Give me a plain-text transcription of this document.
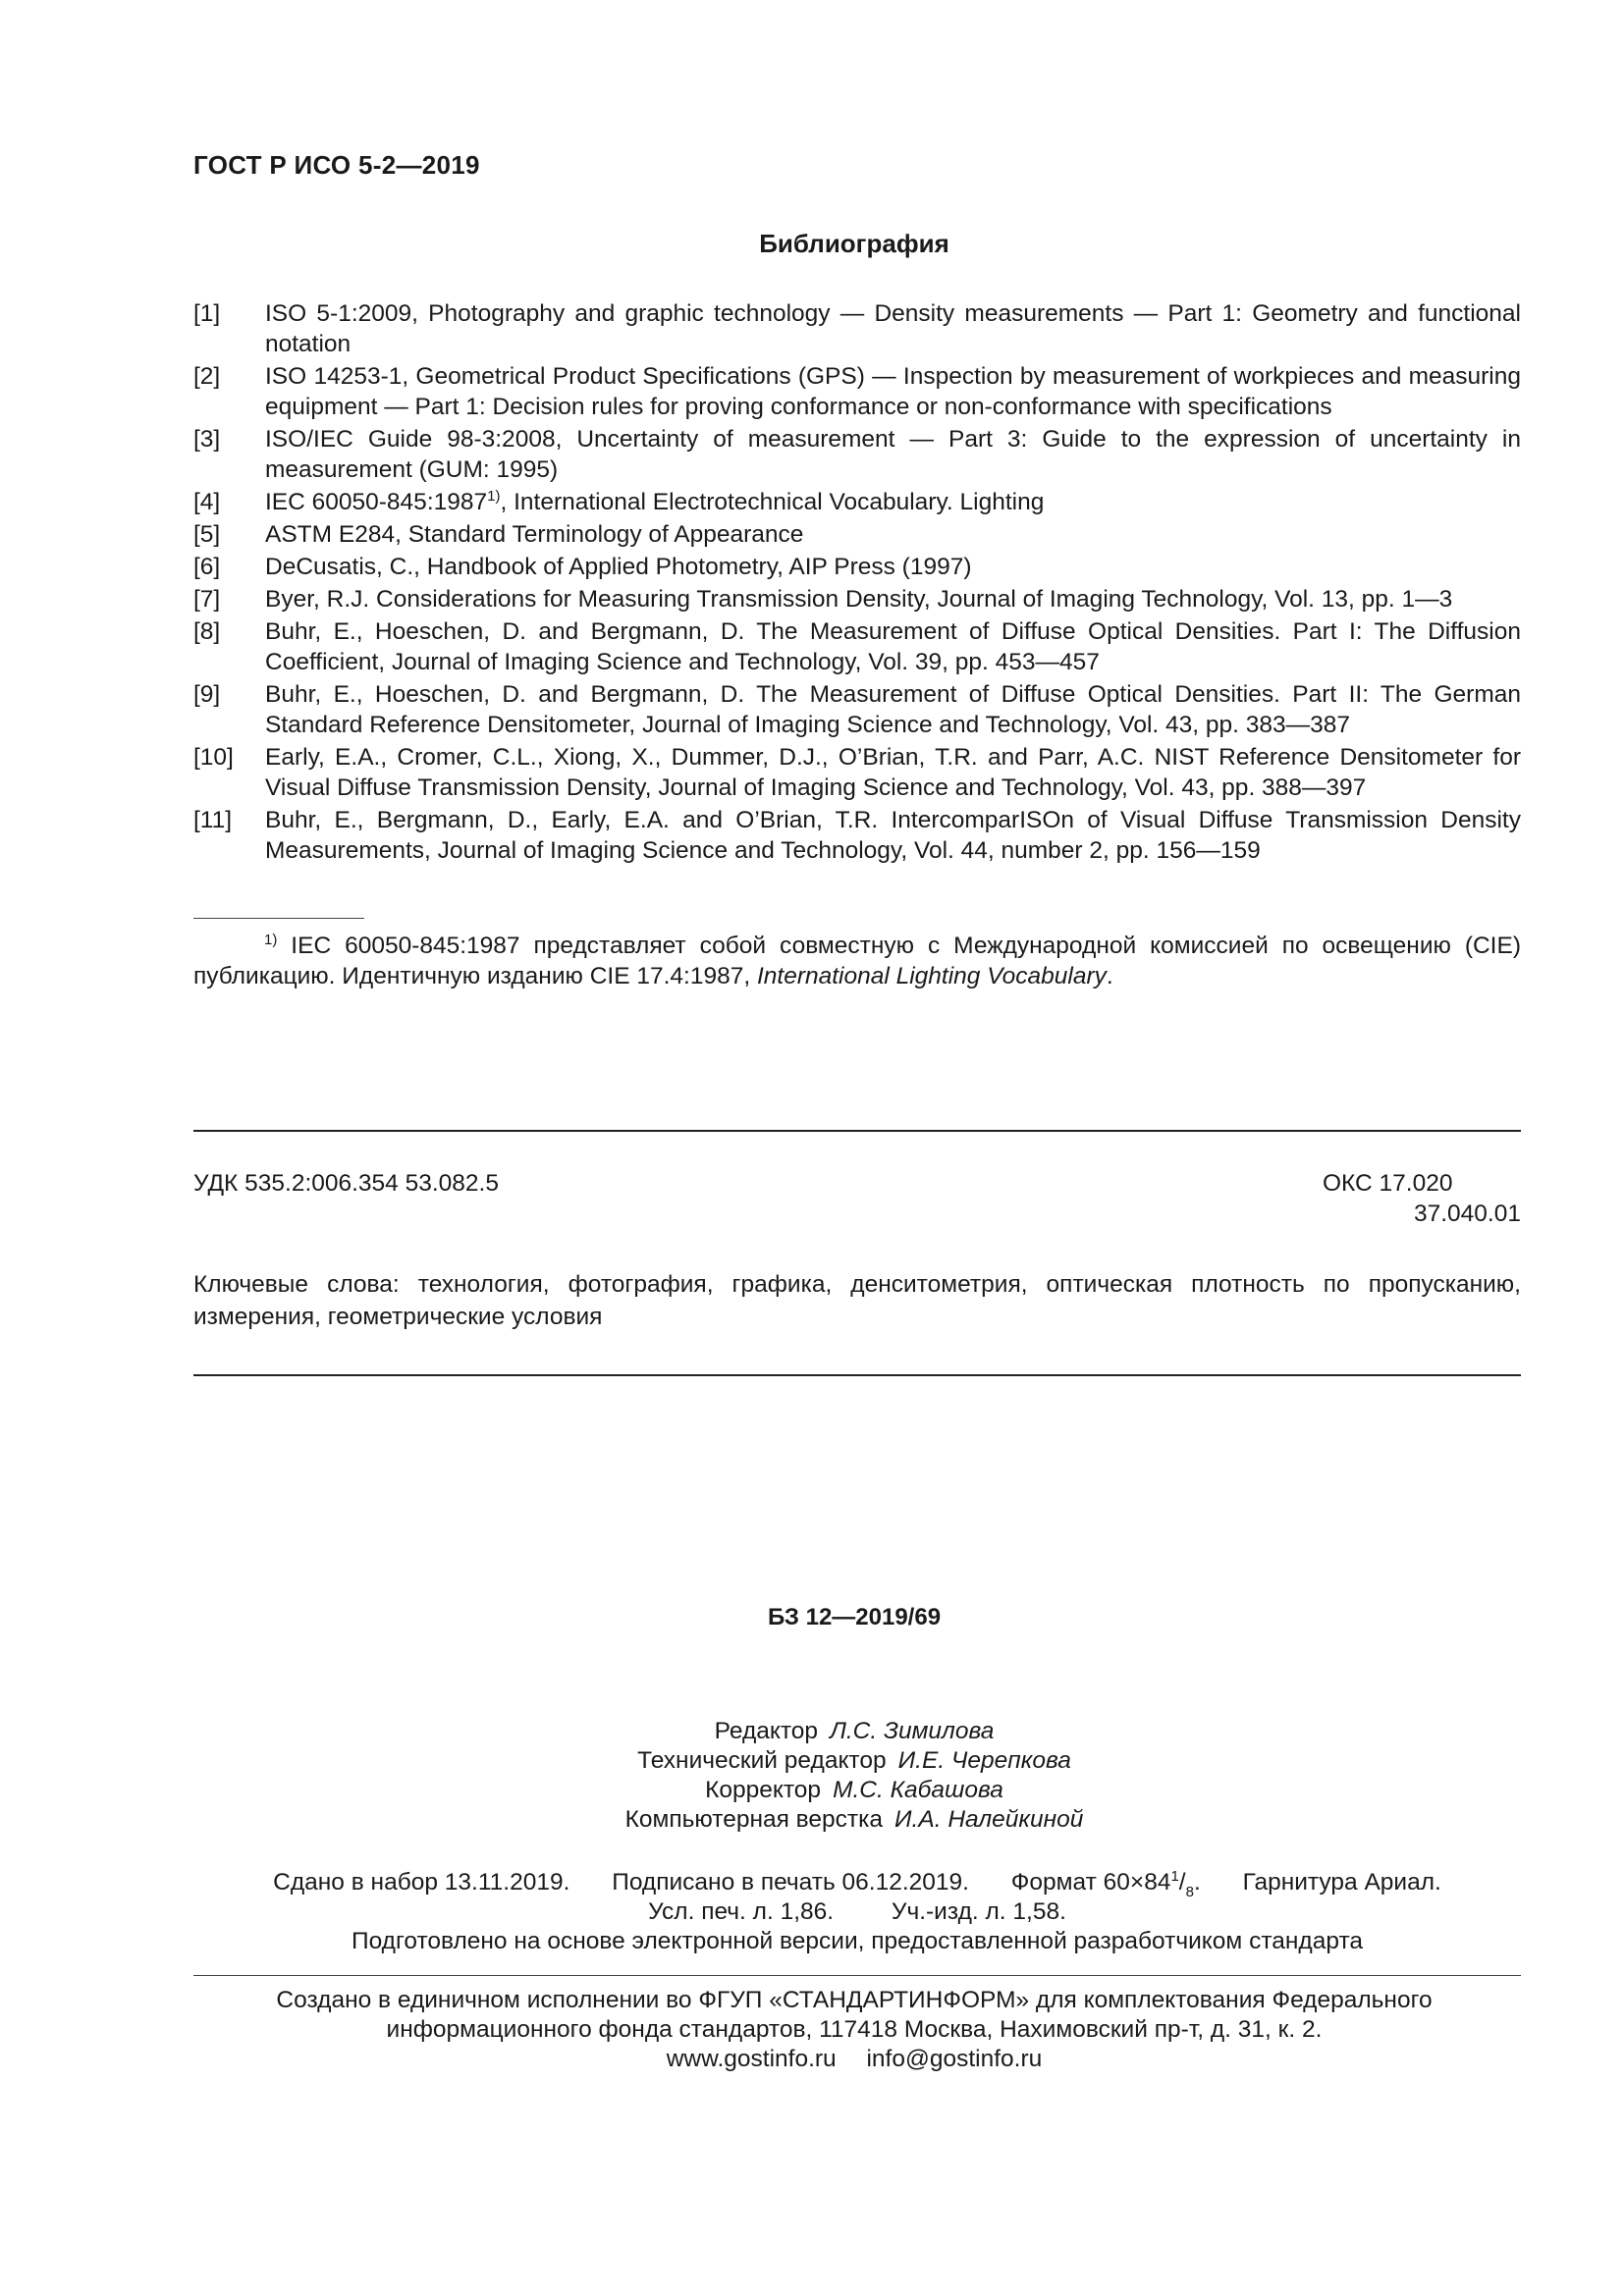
ГОСТ Р ИСО 5-2—2019
Библиография
[1]	ISO 5-1:2009, Photography and graphic technology — Density measurements — Part 1: Geometry and functional notation
[2]	ISO 14253-1, Geometrical Product Specifications (GPS) — Inspection by measurement of workpieces and measuring equipment — Part 1: Decision rules for proving conformance or non-conformance with specifications
[3]	ISO/IEC Guide 98-3:2008, Uncertainty of measurement — Part 3: Guide to the expression of uncertainty in measurement (GUM: 1995)
[4]	IEC 60050-845:1987$^{1)}$, International Electrotechnical Vocabulary. Lighting
[5]	ASTM E284, Standard Terminology of Appearance
[6]	DeCusatis, C., Handbook of Applied Photometry, AIP Press (1997)
[7]	Byer, R.J. Considerations for Measuring Transmission Density, Journal of Imaging Technology, Vol. 13, pp. 1—3
[8]	Buhr, E., Hoeschen, D. and Bergmann, D. The Measurement of Diffuse Optical Densities. Part I: The Diffusion Coefficient, Journal of Imaging Science and Technology, Vol. 39, pp. 453—457
[9]	Buhr, E., Hoeschen, D. and Bergmann, D. The Measurement of Diffuse Optical Densities. Part II: The German Standard Reference Densitometer, Journal of Imaging Science and Technology, Vol. 43, pp. 383—387
[10]	Early, E.A., Cromer, C.L., Xiong, X., Dummer, D.J., O’Brian, T.R. and Parr, A.C. NIST Reference Densitometer for Visual Diffuse Transmission Density, Journal of Imaging Science and Technology, Vol. 43, pp. 388—397
[11]	Buhr, E., Bergmann, D., Early, E.A. and O’Brian, T.R. IntercomparISOn of Visual Diffuse Transmission Density Measurements, Journal of Imaging Science and Technology, Vol. 44, number 2, pp. 156—159
$^{1)}$ IEC 60050-845:1987 представляет собой совместную с Международной комиссией по освещению (CIE) публикацию. Идентичную изданию CIE 17.4:1987, International Lighting Vocabulary.
УДК 535.2:006.354 53.082.5	ОКС 17.020
37.040.01
Ключевые слова: технология, фотография, графика, денситометрия, оптическая плотность по пропусканию, измерения, геометрические условия
БЗ 12—2019/69
Редактор Л.С. Зимилова
Технический редактор И.Е. Черепкова
Корректор М.С. Кабашова
Компьютерная верстка И.А. Налейкиной
Сдано в набор 13.11.2019. Подписано в печать 06.12.2019. Формат $60\times 84^1/_8$. Гарнитура Ариал.
Усл. печ. л. 1,86. Уч.-изд. л. 1,58.
Подготовлено на основе электронной версии, предоставленной разработчиком стандарта
Создано в единичном исполнении во ФГУП «СТАНДАРТИНФОРМ» для комплектования Федерального
информационного фонда стандартов, 117418 Москва, Нахимовский пр-т, д. 31, к. 2.
www.gostinfo.ru info@gostinfo.ru
